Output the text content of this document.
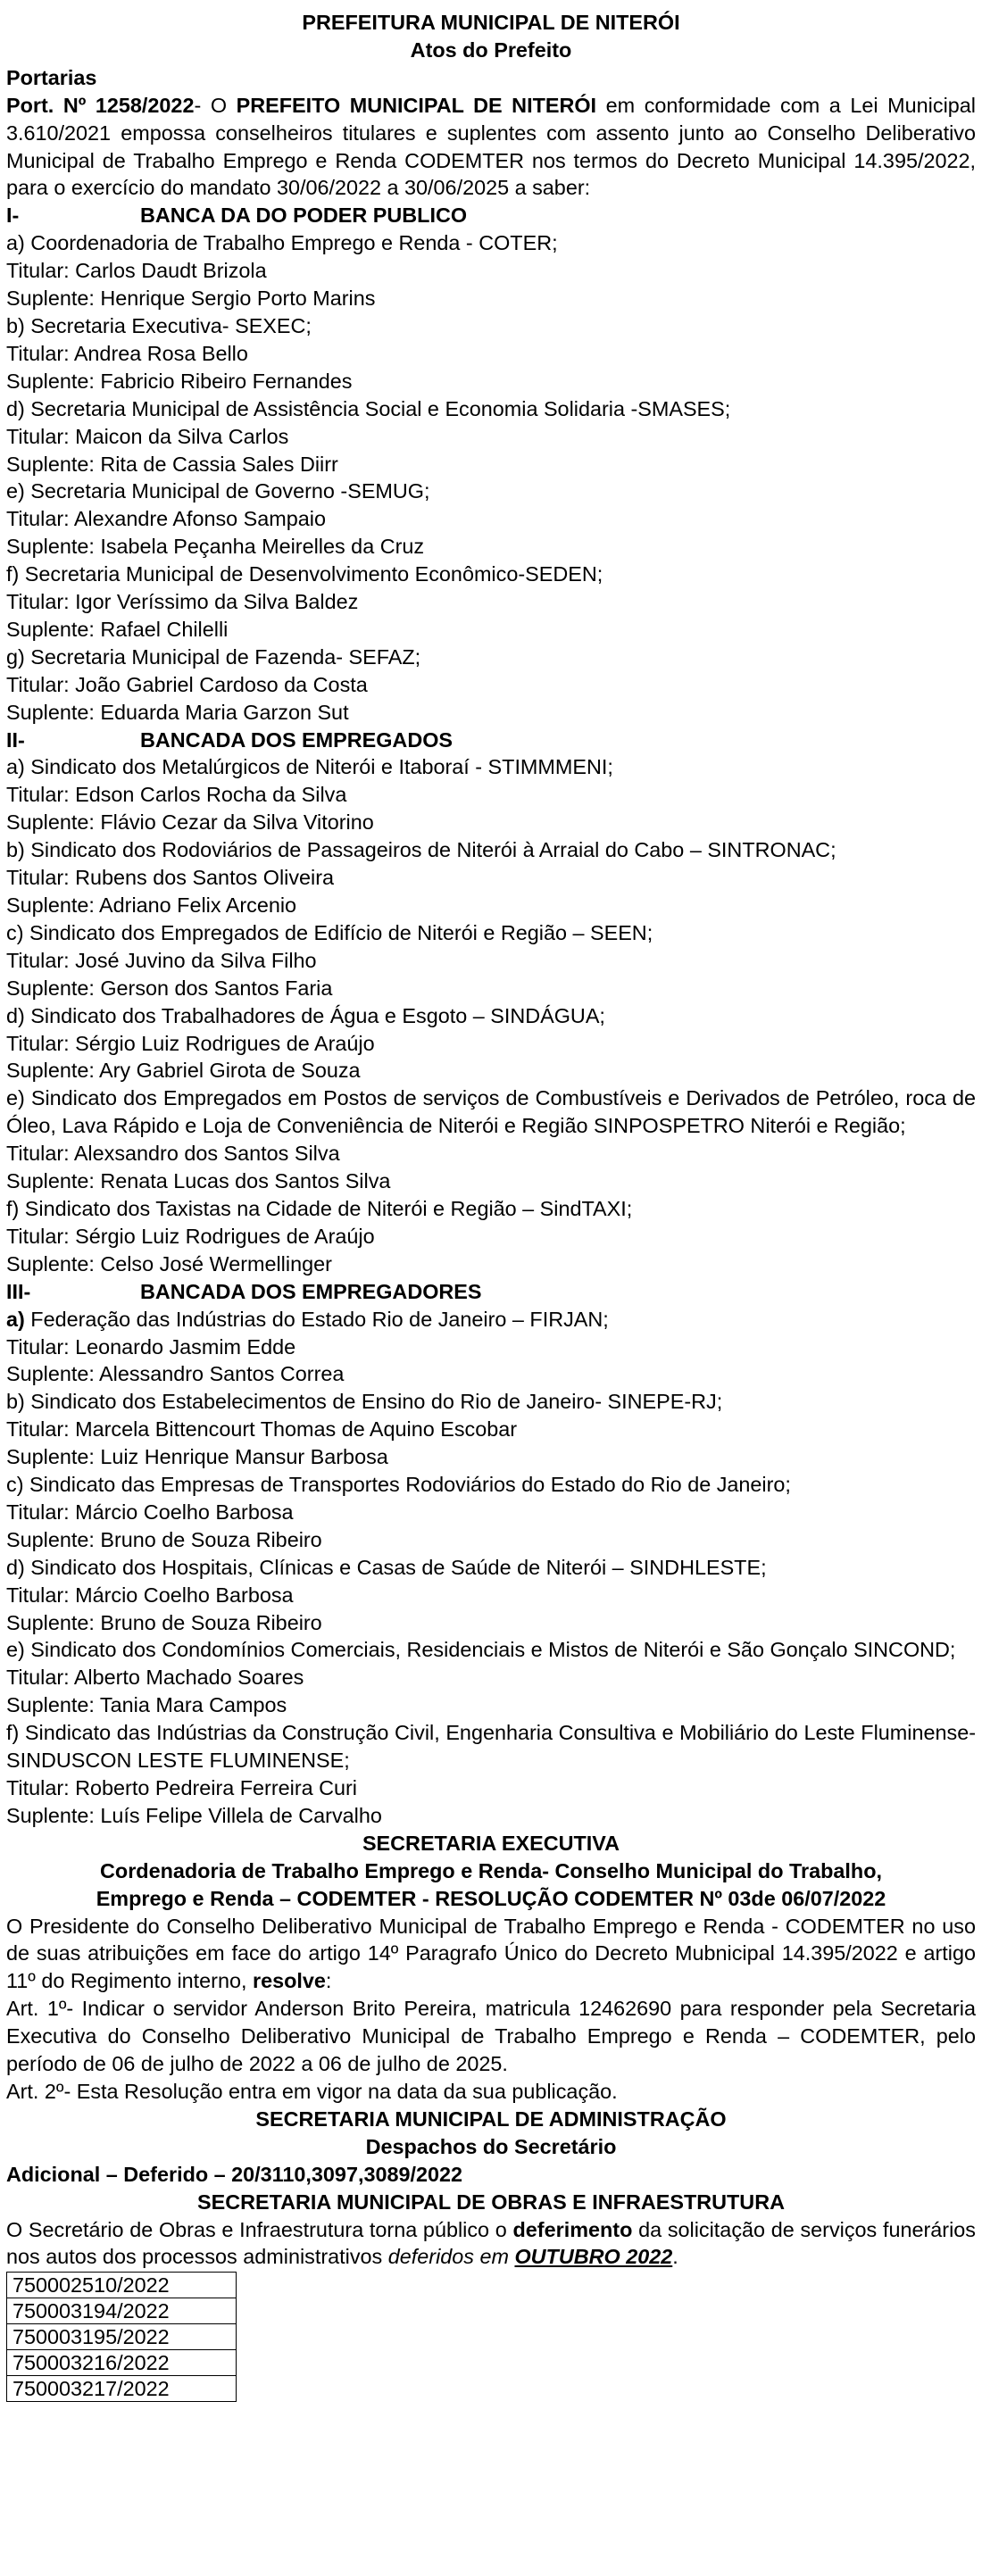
PREFEITURA MUNICIPAL DE NITERÓI
Atos do Prefeito
Portarias
Port. Nº 1258/2022- O PREFEITO MUNICIPAL DE NITERÓI em conformidade com a Lei Municipal 3.610/2021 empossa conselheiros titulares e suplentes com assento junto ao Conselho Deliberativo Municipal de Trabalho Emprego e Renda CODEMTER nos termos do Decreto Municipal 14.395/2022, para o exercício do mandato 30/06/2022 a 30/06/2025 a saber:
I-	BANCA DA DO PODER PUBLICO
a) Coordenadoria de Trabalho Emprego e Renda - COTER;
Titular: Carlos Daudt Brizola
Suplente: Henrique Sergio Porto Marins
b) Secretaria Executiva- SEXEC;
Titular: Andrea Rosa Bello
Suplente: Fabricio Ribeiro Fernandes
d) Secretaria Municipal de Assistência Social e Economia Solidaria -SMASES;
Titular: Maicon da Silva Carlos
Suplente: Rita de Cassia Sales Diirr
e) Secretaria Municipal de Governo -SEMUG;
Titular: Alexandre Afonso Sampaio
Suplente: Isabela Peçanha Meirelles da Cruz
f) Secretaria Municipal de Desenvolvimento Econômico-SEDEN;
Titular: Igor Veríssimo da Silva Baldez
Suplente: Rafael Chilelli
g) Secretaria Municipal de Fazenda- SEFAZ;
Titular: João Gabriel Cardoso da Costa
Suplente: Eduarda Maria Garzon Sut
II-	BANCADA DOS EMPREGADOS
a) Sindicato dos Metalúrgicos de Niterói e Itaboraí - STIMMMENI;
Titular: Edson Carlos Rocha da Silva
Suplente: Flávio Cezar da Silva Vitorino
b) Sindicato dos Rodoviários de Passageiros de Niterói à Arraial do Cabo – SINTRONAC;
Titular: Rubens dos Santos Oliveira
Suplente: Adriano Felix Arcenio
c) Sindicato dos Empregados de Edifício de Niterói e Região – SEEN;
Titular: José Juvino da Silva Filho
Suplente: Gerson dos Santos Faria
d) Sindicato dos Trabalhadores de Água e Esgoto – SINDÁGUA;
Titular: Sérgio Luiz Rodrigues de Araújo
Suplente: Ary Gabriel Girota de Souza
e) Sindicato dos Empregados em Postos de serviços de Combustíveis e Derivados de Petróleo, roca de Óleo, Lava Rápido e Loja de Conveniência de Niterói e Região SINPOSPETRO Niterói e Região;
Titular: Alexsandro dos Santos Silva
Suplente: Renata Lucas dos Santos Silva
f) Sindicato dos Taxistas na Cidade de Niterói e Região – SindTAXI;
Titular: Sérgio Luiz Rodrigues de Araújo
Suplente: Celso José Wermellinger
III-	BANCADA DOS EMPREGADORES
a) Federação das Indústrias do Estado Rio de Janeiro – FIRJAN;
Titular: Leonardo Jasmim Edde
Suplente: Alessandro Santos Correa
b) Sindicato dos Estabelecimentos de Ensino do Rio de Janeiro- SINEPE-RJ;
Titular: Marcela Bittencourt Thomas de Aquino Escobar
Suplente: Luiz Henrique Mansur Barbosa
c) Sindicato das Empresas de Transportes Rodoviários do Estado do Rio de Janeiro;
Titular: Márcio Coelho Barbosa
Suplente: Bruno de Souza Ribeiro
d) Sindicato dos Hospitais, Clínicas e Casas de Saúde de Niterói – SINDHLESTE;
Titular: Márcio Coelho Barbosa
Suplente: Bruno de Souza Ribeiro
e) Sindicato dos Condomínios Comerciais, Residenciais e Mistos de Niterói e São Gonçalo SINCOND;
Titular: Alberto Machado Soares
Suplente: Tania Mara Campos
f) Sindicato das Indústrias da Construção Civil, Engenharia Consultiva e Mobiliário do Leste Fluminense- SINDUSCON LESTE FLUMINENSE;
Titular: Roberto Pedreira Ferreira Curi
Suplente: Luís Felipe Villela de Carvalho
SECRETARIA EXECUTIVA
Cordenadoria de Trabalho Emprego e Renda- Conselho Municipal do Trabalho,
Emprego e Renda – CODEMTER - RESOLUÇÃO CODEMTER Nº 03de 06/07/2022
O Presidente do Conselho Deliberativo Municipal de Trabalho Emprego e Renda - CODEMTER no uso de suas atribuições em face do artigo 14º Paragrafo Único do Decreto Mubnicipal 14.395/2022 e artigo 11º do Regimento interno, resolve:
Art. 1º- Indicar o servidor Anderson Brito Pereira, matricula 12462690 para responder pela Secretaria Executiva do Conselho Deliberativo Municipal de Trabalho Emprego e Renda – CODEMTER, pelo período de 06 de julho de 2022 a 06 de julho de 2025.
Art. 2º- Esta Resolução entra em vigor na data da sua publicação.
SECRETARIA MUNICIPAL DE ADMINISTRAÇÃO
Despachos do Secretário
Adicional – Deferido – 20/3110,3097,3089/2022
SECRETARIA MUNICIPAL DE OBRAS E INFRAESTRUTURA
O Secretário de Obras e Infraestrutura torna público o deferimento da solicitação de serviços funerários nos autos dos processos administrativos deferidos em OUTUBRO 2022.
750002510/2022
750003194/2022
750003195/2022
750003216/2022
750003217/2022
